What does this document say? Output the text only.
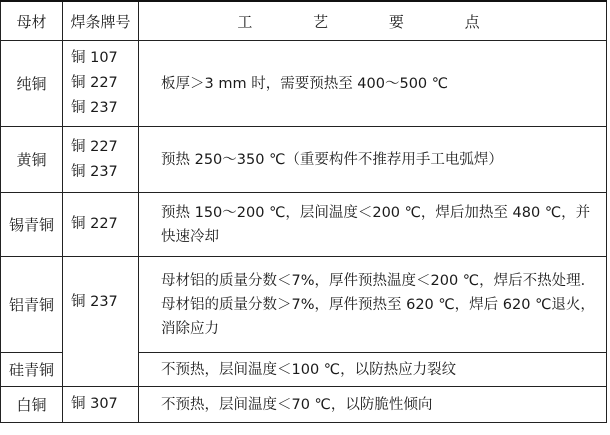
母材	焊条牌号	工 艺 要 点
纯铜	铜 107
铜 227
铜 237	板厚＞3 mm 时，需要预热至 400～500 ℃
黄铜	铜 227
铜 237	预热 250～350 ℃（重要构件不推荐用手工电弧焊）
锡青铜	铜 227	预热 150～200 ℃，层间温度＜200 ℃，焊后加热至 480 ℃，并快速冷却
铝青铜	铜 237	母材铝的质量分数＜7%，厚件预热温度＜200 ℃，焊后不热处理．母材铝的质量分数＞7%，厚件预热至 620 ℃，焊后 620 ℃退火，消除应力
硅青铜		不预热，层间温度＜100 ℃，以防热应力裂纹
白铜	铜 307	不预热，层间温度＜70 ℃，以防脆性倾向
